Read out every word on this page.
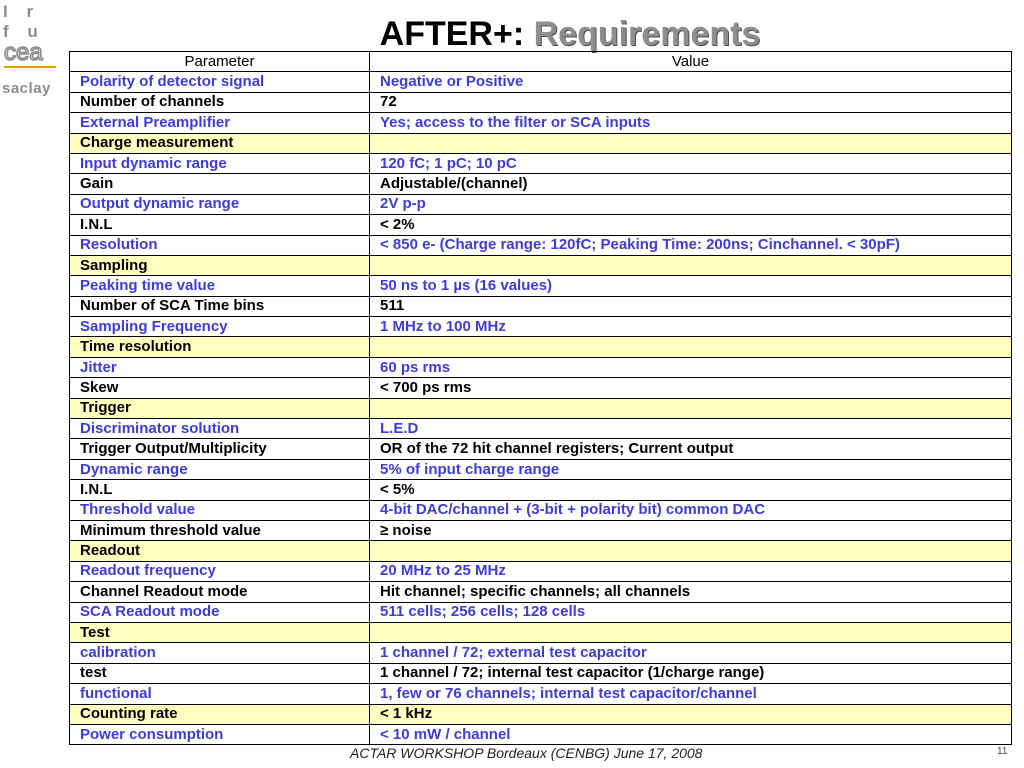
I r f u
cea
saclay
AFTER+: Requirements
Parameter	Value
Polarity of detector signal	Negative or Positive
Number of channels	72
External Preamplifier	Yes; access to the filter or SCA inputs
Charge measurement	
Input dynamic range	120 fC; 1 pC; 10 pC
Gain	Adjustable/(channel)
Output dynamic range	2V p-p
I.N.L	< 2%
Resolution	< 850 e- (Charge range: 120fC; Peaking Time: 200ns; Cinchannel. < 30pF)
Sampling	
Peaking time value	50 ns to 1 µs (16 values)
Number of SCA Time bins	511
Sampling Frequency	1 MHz to 100 MHz
Time resolution	
Jitter	60 ps rms
Skew	< 700 ps rms
Trigger	
Discriminator solution	L.E.D
Trigger Output/Multiplicity	OR of the 72 hit channel registers; Current output
Dynamic range	5% of input charge range
I.N.L	< 5%
Threshold value	4-bit DAC/channel + (3-bit + polarity bit) common DAC
Minimum threshold value	≥ noise
Readout	
Readout frequency	20 MHz to 25 MHz
Channel Readout mode	Hit channel; specific channels; all channels
SCA Readout mode	511 cells; 256 cells; 128 cells
Test	
calibration	1 channel / 72; external test capacitor
test	1 channel / 72; internal test capacitor (1/charge range)
functional	1, few or 76 channels; internal test capacitor/channel
Counting rate	< 1 kHz
Power consumption	< 10 mW / channel
ACTAR WORKSHOP Bordeaux (CENBG) June 17, 2008	11
